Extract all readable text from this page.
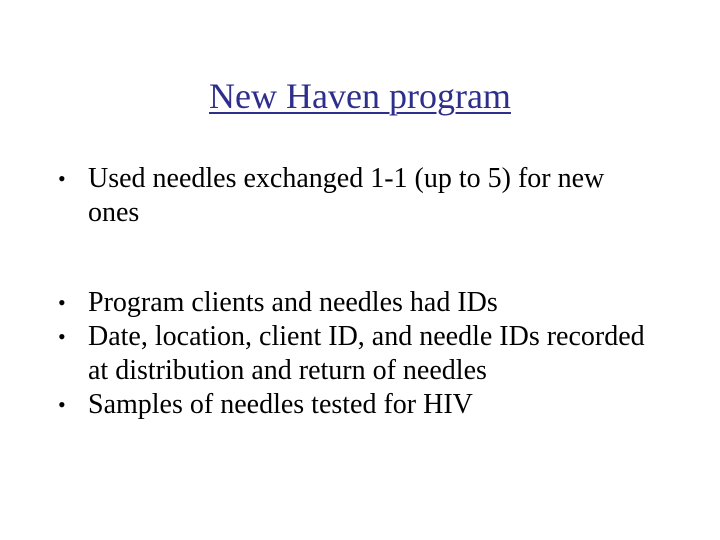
New Haven program
• Used needles exchanged 1-1 (up to 5) for new ones
• Program clients and needles had IDs
• Date, location, client ID, and needle IDs recorded at distribution and return of needles
• Samples of needles tested for HIV
